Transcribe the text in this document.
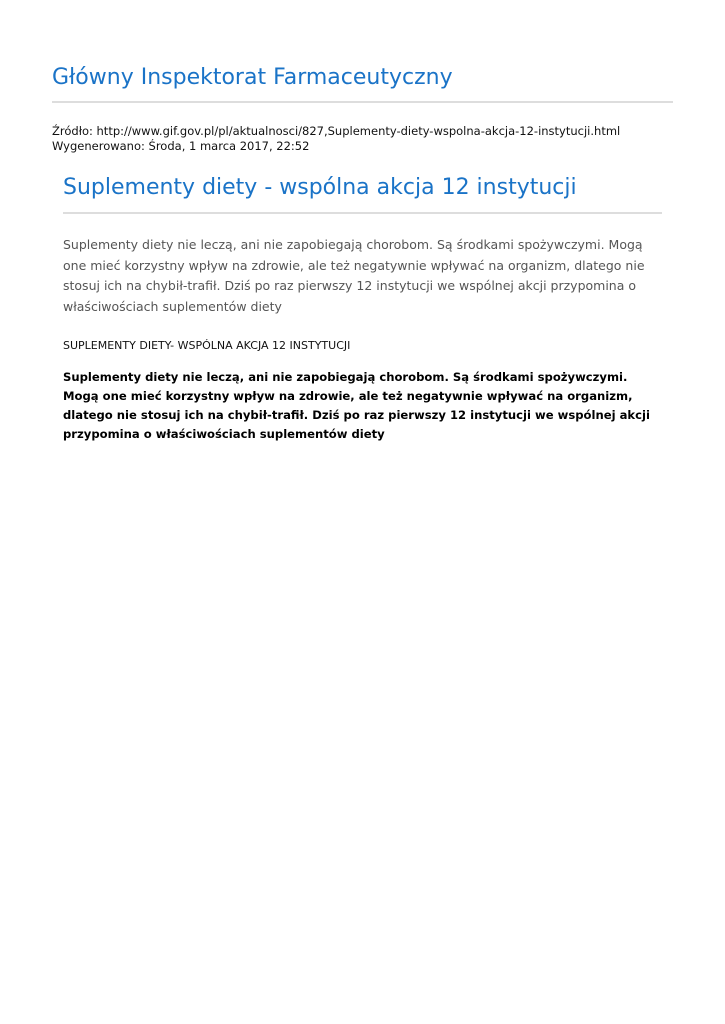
Główny Inspektorat Farmaceutyczny
Źródło: http://www.gif.gov.pl/pl/aktualnosci/827,Suplementy-diety-wspolna-akcja-12-instytucji.html
Wygenerowano: Środa, 1 marca 2017, 22:52
Suplementy diety - wspólna akcja 12 instytucji

Suplementy diety nie leczą, ani nie zapobiegają chorobom. Są środkami spożywczymi. Mogą one mieć korzystny wpływ na zdrowie, ale też negatywnie wpływać na organizm, dlatego nie stosuj ich na chybił-trafił. Dziś po raz pierwszy 12 instytucji we wspólnej akcji przypomina o właściwościach suplementów diety

SUPLEMENTY DIETY- WSPÓLNA AKCJA 12 INSTYTUCJI

Suplementy diety nie leczą, ani nie zapobiegają chorobom. Są środkami spożywczymi. Mogą one mieć korzystny wpływ na zdrowie, ale też negatywnie wpływać na organizm, dlatego nie stosuj ich na chybił-trafił. Dziś po raz pierwszy 12 instytucji we wspólnej akcji przypomina o właściwościach suplementów diety
